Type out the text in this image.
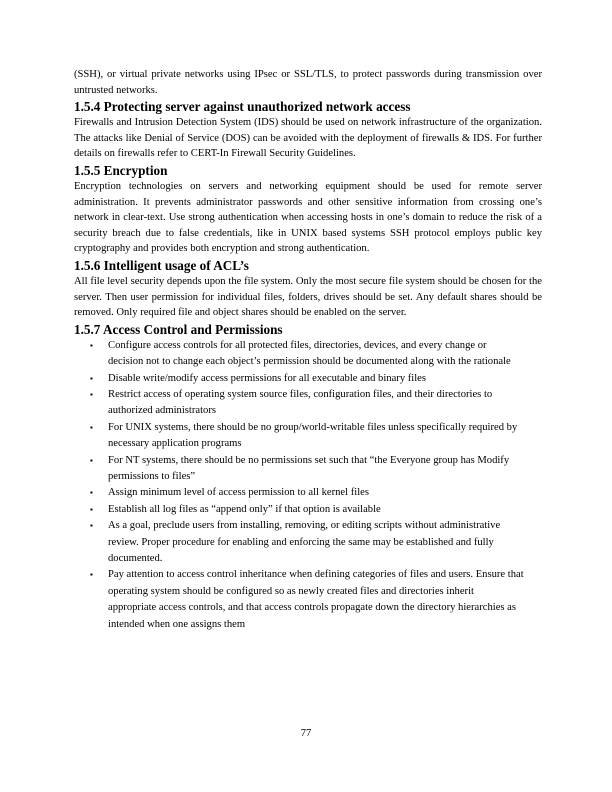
(SSH), or virtual private networks using IPsec or SSL/TLS, to protect passwords during transmission over untrusted networks.

1.5.4 Protecting server against unauthorized network access

Firewalls and Intrusion Detection System (IDS) should be used on network infrastructure of the organization. The attacks like Denial of Service (DOS) can be avoided with the deployment of firewalls & IDS. For further details on firewalls refer to CERT-In Firewall Security Guidelines.

1.5.5 Encryption

Encryption technologies on servers and networking equipment should be used for remote server administration. It prevents administrator passwords and other sensitive information from crossing one’s network in clear-text. Use strong authentication when accessing hosts in one’s domain to reduce the risk of a security breach due to false credentials, like in UNIX based systems SSH protocol employs public key cryptography and provides both encryption and strong authentication.

1.5.6 Intelligent usage of ACL’s

All file level security depends upon the file system. Only the most secure file system should be chosen for the server. Then user permission for individual files, folders, drives should be set. Any default shares should be removed. Only required file and object shares should be enabled on the server.

1.5.7 Access Control and Permissions
▪ Configure access controls for all protected files, directories, devices, and every change or decision not to change each object’s permission should be documented along with the rationale
▪ Disable write/modify access permissions for all executable and binary files
▪ Restrict access of operating system source files, configuration files, and their directories to authorized administrators
▪ For UNIX systems, there should be no group/world-writable files unless specifically required by necessary application programs
▪ For NT systems, there should be no permissions set such that “the Everyone group has Modify permissions to files”
▪ Assign minimum level of access permission to all kernel files
▪ Establish all log files as “append only” if that option is available
▪ As a goal, preclude users from installing, removing, or editing scripts without administrative review. Proper procedure for enabling and enforcing the same may be established and fully documented.
▪ Pay attention to access control inheritance when defining categories of files and users. Ensure that operating system should be configured so as newly created files and directories inherit appropriate access controls, and that access controls propagate down the directory hierarchies as intended when one assigns them
77
